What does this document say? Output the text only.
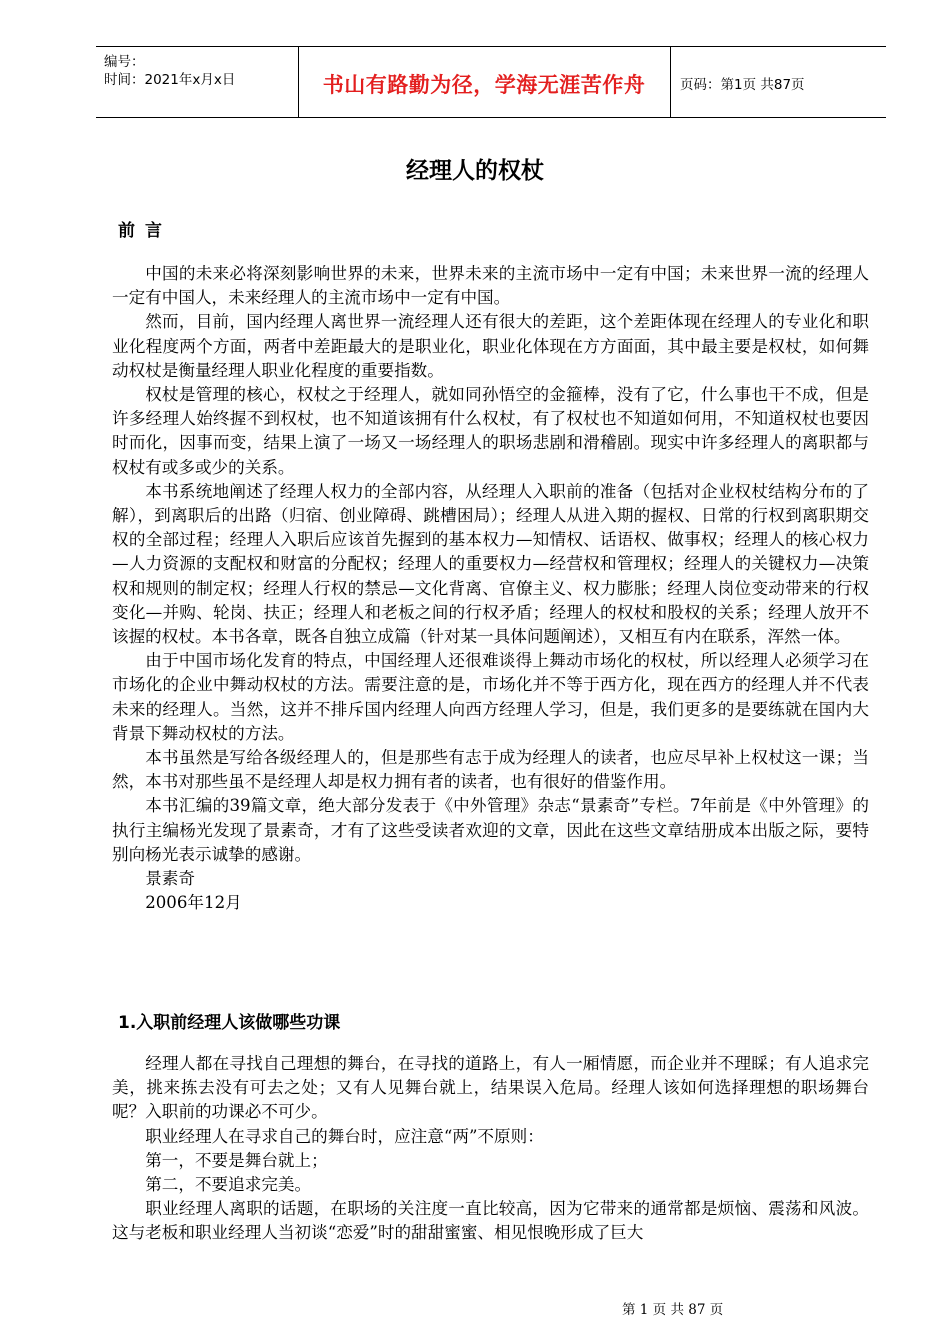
编号：
时间：2021年x月x日	书山有路勤为径，学海无涯苦作舟	页码：第1页 共87页
经理人的权杖
前言

中国的未来必将深刻影响世界的未来，世界未来的主流市场中一定有中国；未来世界一流的经理人一定有中国人，未来经理人的主流市场中一定有中国。

然而，目前，国内经理人离世界一流经理人还有很大的差距，这个差距体现在经理人的专业化和职业化程度两个方面，两者中差距最大的是职业化，职业化体现在方方面面，其中最主要是权杖，如何舞动权杖是衡量经理人职业化程度的重要指数。

权杖是管理的核心，权杖之于经理人，就如同孙悟空的金箍棒，没有了它，什么事也干不成，但是许多经理人始终握不到权杖，也不知道该拥有什么权杖，有了权杖也不知道如何用，不知道权杖也要因时而化，因事而变，结果上演了一场又一场经理人的职场悲剧和滑稽剧。现实中许多经理人的离职都与权杖有或多或少的关系。

本书系统地阐述了经理人权力的全部内容，从经理人入职前的准备（包括对企业权杖结构分布的了解），到离职后的出路（归宿、创业障碍、跳槽困局）；经理人从进入期的握权、日常的行权到离职期交权的全部过程；经理人入职后应该首先握到的基本权力—知情权、话语权、做事权；经理人的核心权力—人力资源的支配权和财富的分配权；经理人的重要权力—经营权和管理权；经理人的关键权力—决策权和规则的制定权；经理人行权的禁忌—文化背离、官僚主义、权力膨胀；经理人岗位变动带来的行权变化—并购、轮岗、扶正；经理人和老板之间的行权矛盾；经理人的权杖和股权的关系；经理人放开不该握的权杖。本书各章，既各自独立成篇（针对某一具体问题阐述），又相互有内在联系，浑然一体。

由于中国市场化发育的特点，中国经理人还很难谈得上舞动市场化的权杖，所以经理人必须学习在市场化的企业中舞动权杖的方法。需要注意的是，市场化并不等于西方化，现在西方的经理人并不代表未来的经理人。当然，这并不排斥国内经理人向西方经理人学习，但是，我们更多的是要练就在国内大背景下舞动权杖的方法。

本书虽然是写给各级经理人的，但是那些有志于成为经理人的读者，也应尽早补上权杖这一课；当然，本书对那些虽不是经理人却是权力拥有者的读者，也有很好的借鉴作用。

本书汇编的39篇文章，绝大部分发表于《中外管理》杂志“景素奇”专栏。7年前是《中外管理》的执行主编杨光发现了景素奇，才有了这些受读者欢迎的文章，因此在这些文章结册成本出版之际，要特别向杨光表示诚挚的感谢。

景素奇

2006年12月

1.入职前经理人该做哪些功课

经理人都在寻找自己理想的舞台，在寻找的道路上，有人一厢情愿，而企业并不理睬；有人追求完美，挑来拣去没有可去之处；又有人见舞台就上，结果误入危局。经理人该如何选择理想的职场舞台呢？入职前的功课必不可少。

职业经理人在寻求自己的舞台时，应注意“两”不原则：

第一，不要是舞台就上；

第二，不要追求完美。

职业经理人离职的话题，在职场的关注度一直比较高，因为它带来的通常都是烦恼、震荡和风波。这与老板和职业经理人当初谈“恋爱”时的甜甜蜜蜜、相见恨晚形成了巨大

第 1 页 共 87 页
